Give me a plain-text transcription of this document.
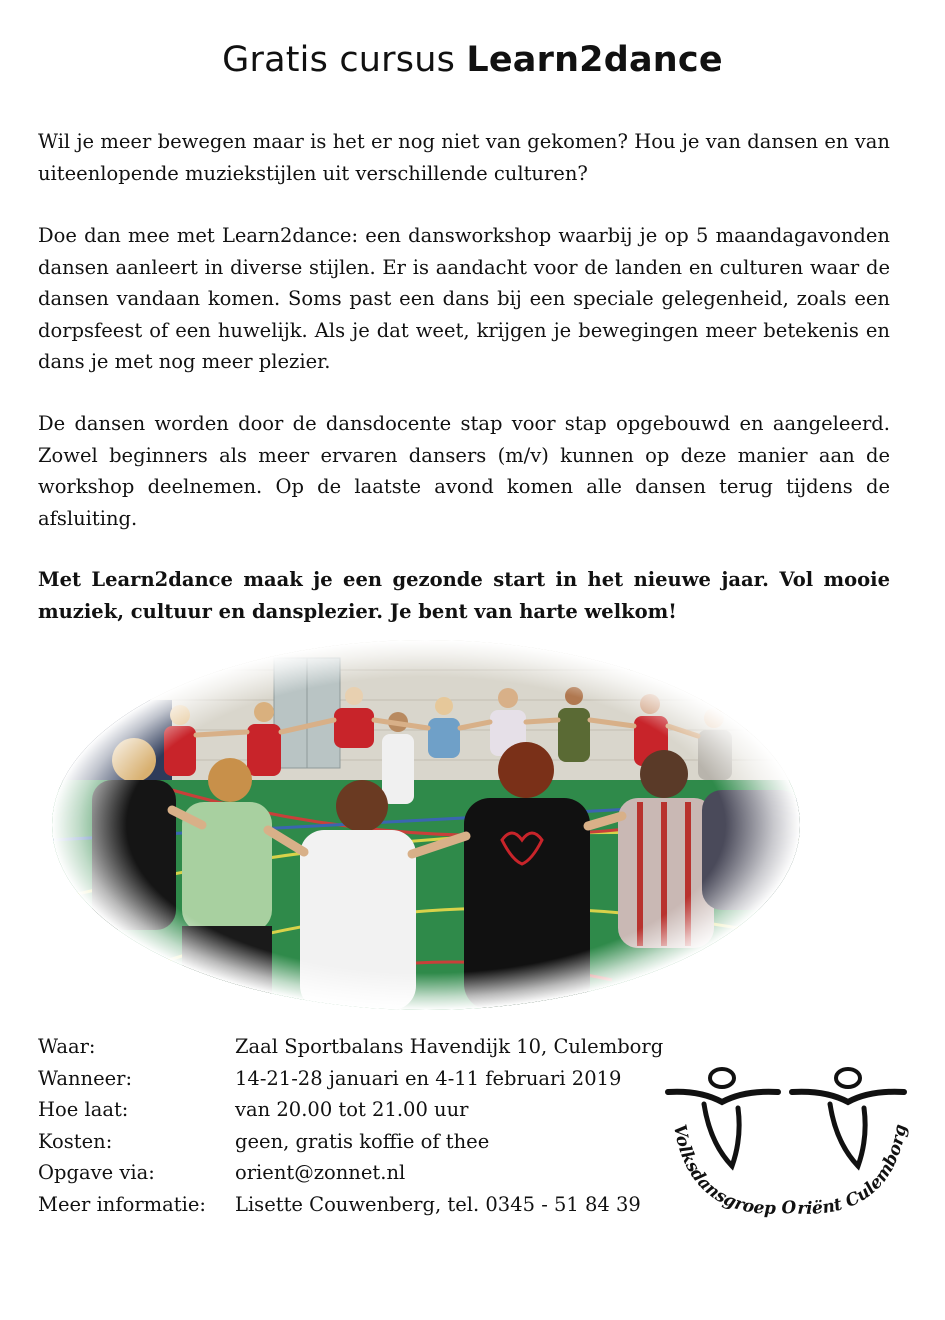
Gratis cursus Learn2dance

Wil je meer bewegen maar is het er nog niet van gekomen? Hou je van dansen en van uiteenlopende muziekstijlen uit verschillende culturen?

Doe dan mee met Learn2dance: een dansworkshop waarbij je op 5 maandagavonden dansen aanleert in diverse stijlen. Er is aandacht voor de landen en culturen waar de dansen vandaan komen. Soms past een dans bij een speciale gelegenheid, zoals een dorpsfeest of een huwelijk. Als je dat weet, krijgen je bewegingen meer betekenis en dans je met nog meer plezier.

De dansen worden door de dansdocente stap voor stap opgebouwd en aangeleerd. Zowel beginners als meer ervaren dansers (m/v) kunnen op deze manier aan de workshop deelnemen. Op de laatste avond komen alle dansen terug tijdens de afsluiting.

Met Learn2dance maak je een gezonde start in het nieuwe jaar. Vol mooie muziek, cultuur en dansplezier. Je bent van harte welkom!

Waar:	Zaal Sportbalans Havendijk 10, Culemborg
Wanneer:	14-21-28 januari en 4-11 februari 2019
Hoe laat:	van 20.00 tot 21.00 uur
Kosten:	geen, gratis koffie of thee
Opgave via:	orient@zonnet.nl
Meer informatie:	Lisette Couwenberg, tel. 0345 - 51 84 39
Volksdansgroep Oriënt Culemborg
